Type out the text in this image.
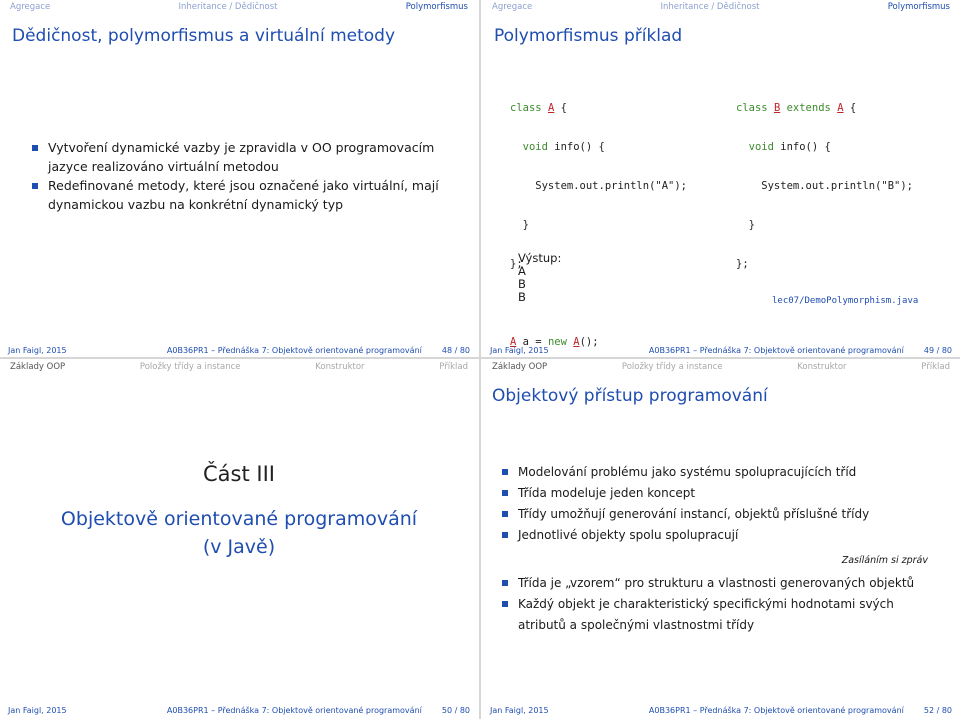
Agregace	Inheritance / Dědičnost	Polymorfismus
Dědičnost, polymorfismus a virtuální metody
Vytvoření dynamické vazby je zpravidla v OO programovacím jazyce realizováno virtuální metodou
Redefinované metody, které jsou označené jako virtuální, mají dynamickou vazbu na konkrétní dynamický typ
Jan Faigl, 2015	A0B36PR1 – Přednáška 7: Objektově orientované programování	48 / 80
Agregace	Inheritance / Dědičnost	Polymorfismus
Polymorfismus příklad

class A {

void info() {

System.out.println("A");

}

};

A a = new A();

class B extends A {

void info() {

System.out.println("B");

}

};

Výstup:
A
B
B	lec07/DemoPolymorphism.java
Jan Faigl, 2015	A0B36PR1 – Přednáška 7: Objektově orientované programování	49 / 80
Základy OOP	Položky třídy a instance	Konstruktor	Příklad
Část III
Objektově orientované programování
(v Javě)
Jan Faigl, 2015	A0B36PR1 – Přednáška 7: Objektově orientované programování	50 / 80
Základy OOP	Položky třídy a instance	Konstruktor	Příklad
Objektový přístup programování
Modelování problému jako systému spolupracujících tříd
Třída modeluje jeden koncept
Třídy umožňují generování instancí, objektů příslušné třídy
Jednotlivé objekty spolu spolupracují
Zasíláním si zpráv
Třída je „vzorem“ pro strukturu a vlastnosti generovaných objektů
Každý objekt je charakteristický specifickými hodnotami svých atributů a společnými vlastnostmi třídy
Jan Faigl, 2015	A0B36PR1 – Přednáška 7: Objektově orientované programování	52 / 80
